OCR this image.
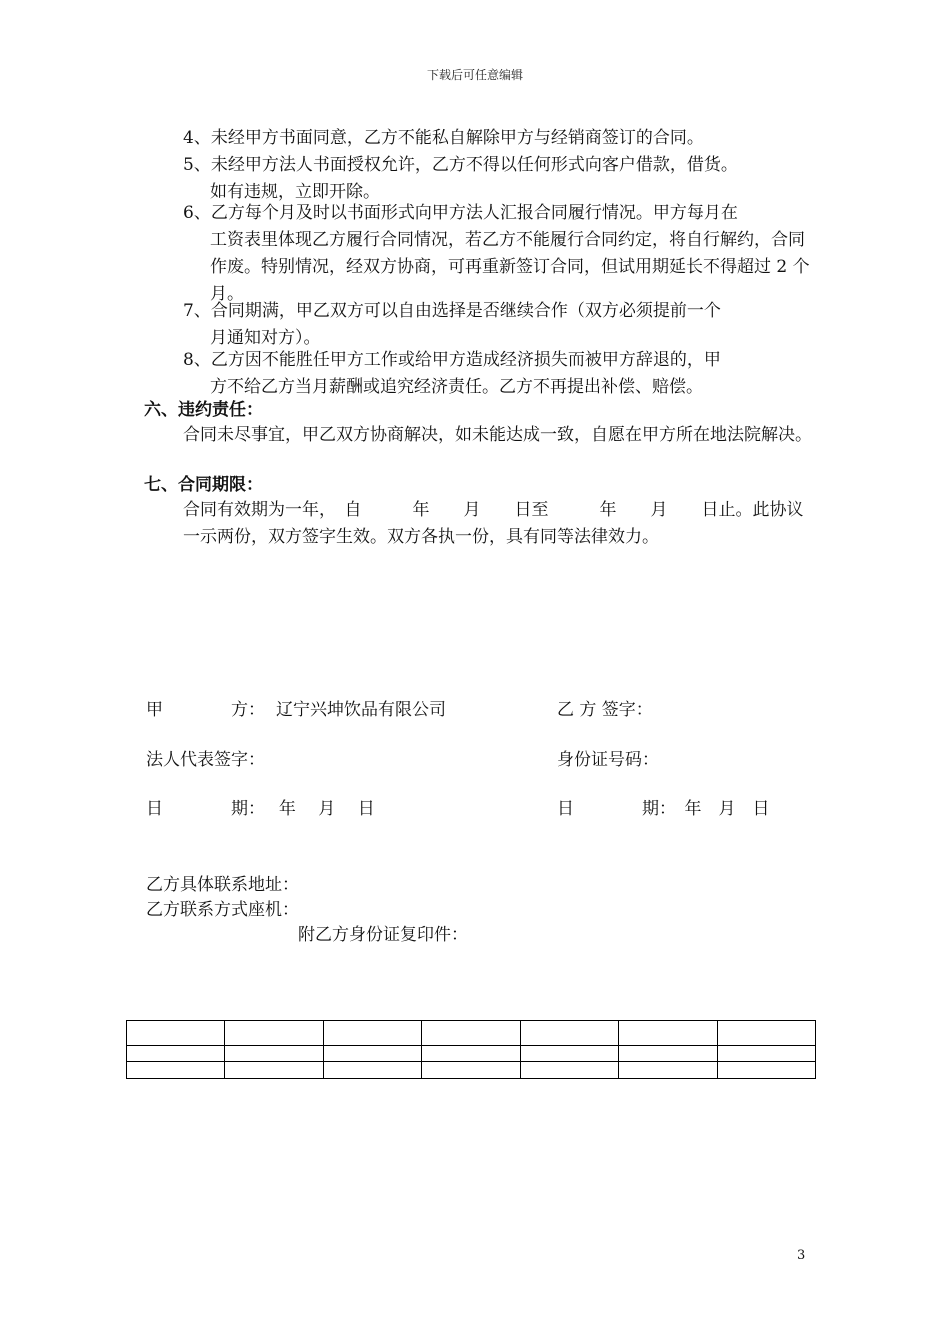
下载后可任意编辑
4、未经甲方书面同意，乙方不能私自解除甲方与经销商签订的合同。
5、未经甲方法人书面授权允许，乙方不得以任何形式向客户借款，借货。
如有违规，立即开除。
6、乙方每个月及时以书面形式向甲方法人汇报合同履行情况。甲方每月在
工资表里体现乙方履行合同情况，若乙方不能履行合同约定，将自行解约，合同作废。特别情况，经双方协商，可再重新签订合同，但试用期延长不得超过 2 个月。
7、合同期满，甲乙双方可以自由选择是否继续合作（双方必须提前一个
月通知对方）。
8、乙方因不能胜任甲方工作或给甲方造成经济损失而被甲方辞退的，甲
方不给乙方当月薪酬或追究经济责任。乙方不再提出补偿、赔偿。
六、违约责任：
合同未尽事宜，甲乙双方协商解决，如未能达成一致，自愿在甲方所在地法院解决。
七、合同期限：
合同有效期为一年，　自　　　年　　月　　日至　　　年　　月　　日止。此协议一示两份，双方签字生效。双方各执一份，具有同等法律效力。
甲　　　　方： 辽宁兴坤饮品有限公司	乙 方 签字：
法人代表签字：	身份证号码：
日　　　　期：　 年　 月　 日	日　　　　期：　年　月　日
乙方具体联系地址：
乙方联系方式座机：
附乙方身份证复印件：

3
